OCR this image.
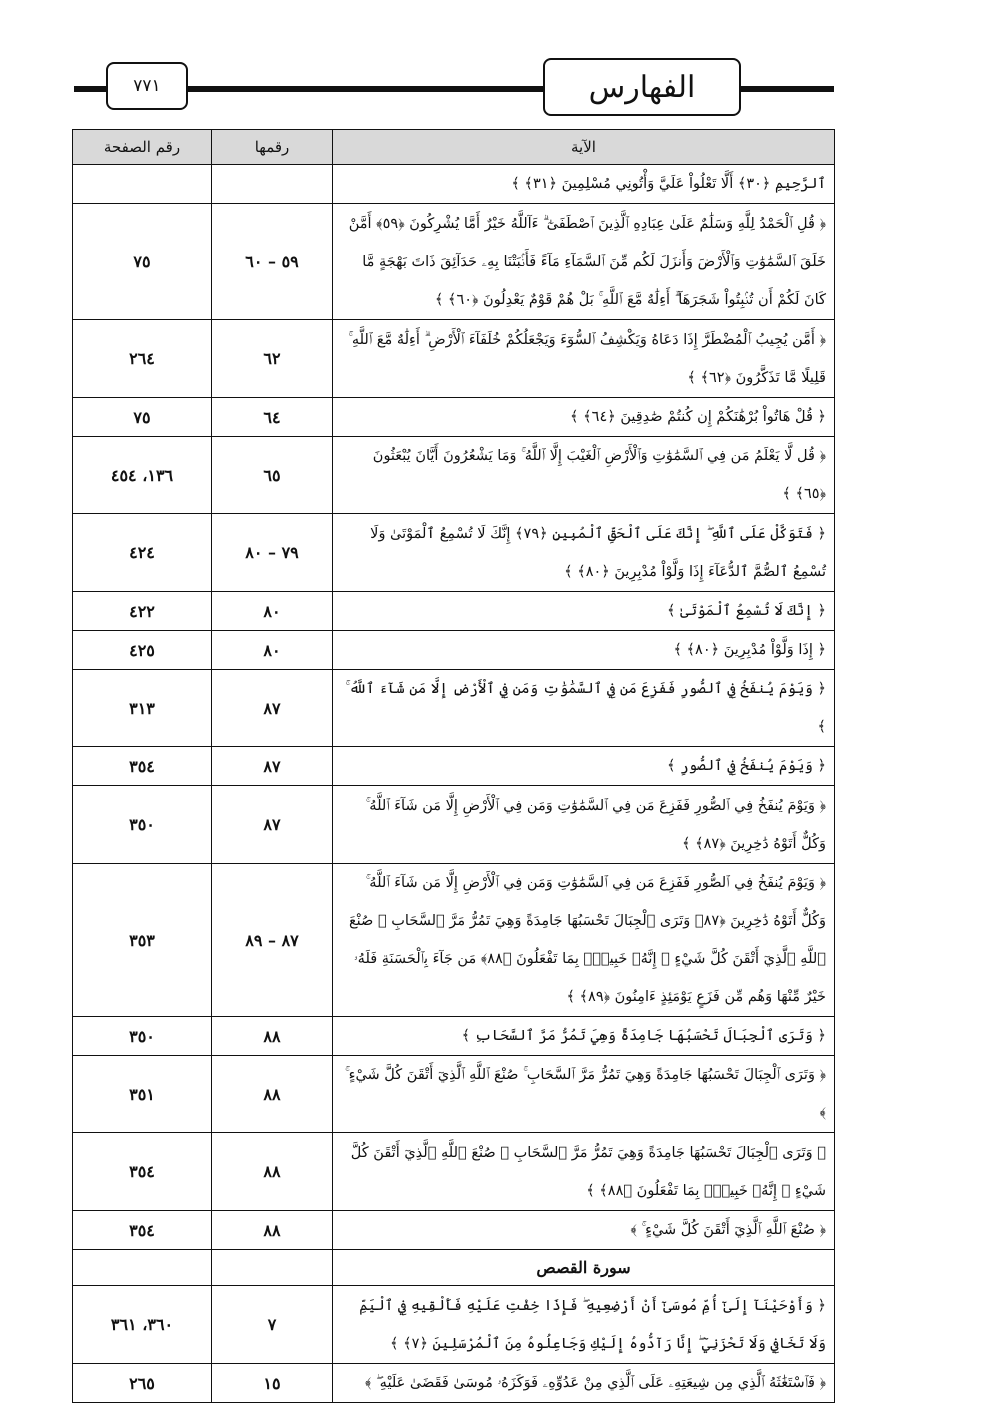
٧٧١	الفهارس
الآية	رقمها	رقم الصفحة
ٱلرَّحِيمِ ﴿٣٠﴾ أَلَّا تَعْلُواْ عَلَيَّ وَأْتُونِي مُسْلِمِينَ ﴿٣١﴾ ﴾		
﴿ قُلِ ٱلْحَمْدُ لِلَّهِ وَسَلَٰمٌ عَلَىٰ عِبَادِهِ ٱلَّذِينَ ٱصْطَفَىٰٓ ۗ ءَآللَّهُ خَيْرٌ أَمَّا يُشْرِكُونَ ﴿٥٩﴾ أَمَّنْ خَلَقَ ٱلسَّمَٰوَٰتِ وَٱلْأَرْضَ وَأَنزَلَ لَكُم مِّنَ ٱلسَّمَآءِ مَآءً فَأَنۢبَتْنَا بِهِۦ حَدَآئِقَ ذَاتَ بَهْجَةٍ مَّا كَانَ لَكُمْ أَن تُنۢبِتُواْ شَجَرَهَآ ۗ أَءِلَٰهٌ مَّعَ ٱللَّهِ ۚ بَلْ هُمْ قَوْمٌ يَعْدِلُونَ ﴿٦٠﴾ ﴾	٥٩ – ٦٠	٧٥
﴿ أَمَّن يُجِيبُ ٱلْمُضْطَرَّ إِذَا دَعَاهُ وَيَكْشِفُ ٱلسُّوٓءَ وَيَجْعَلُكُمْ خُلَفَآءَ ٱلْأَرْضِ ۗ أَءِلَٰهٌ مَّعَ ٱللَّهِ ۚ قَلِيلًا مَّا تَذَكَّرُونَ ﴿٦٢﴾ ﴾	٦٢	٢٦٤
﴿ قُلْ هَاتُواْ بُرْهَٰنَكُمْ إِن كُنتُمْ صَٰدِقِينَ ﴿٦٤﴾ ﴾	٦٤	٧٥
﴿ قُل لَّا يَعْلَمُ مَن فِي ٱلسَّمَٰوَٰتِ وَٱلْأَرْضِ ٱلْغَيْبَ إِلَّا ٱللَّهُ ۚ وَمَا يَشْعُرُونَ أَيَّانَ يُبْعَثُونَ ﴿٦٥﴾ ﴾	٦٥	١٣٦، ٤٥٤
﴿ فَتَوَكَّلْ عَلَى ٱللَّهِ ۖ إِنَّكَ عَلَى ٱلْحَقِّ ٱلْمُبِينِ ﴿٧٩﴾ إِنَّكَ لَا تُسْمِعُ ٱلْمَوْتَىٰ وَلَا تُسْمِعُ ٱلصُّمَّ ٱلدُّعَآءَ إِذَا وَلَّوْاْ مُدْبِرِينَ ﴿٨٠﴾ ﴾	٧٩ – ٨٠	٤٢٤
﴿ إِنَّكَ لَا تُسْمِعُ ٱلْمَوْتَىٰ ﴾	٨٠	٤٢٢
﴿ إِذَا وَلَّوْاْ مُدْبِرِينَ ﴿٨٠﴾ ﴾	٨٠	٤٢٥
﴿ وَيَوْمَ يُنفَخُ فِي ٱلصُّورِ فَفَزِعَ مَن فِي ٱلسَّمَٰوَٰتِ وَمَن فِي ٱلْأَرْضِ إِلَّا مَن شَآءَ ٱللَّهُ ۚ ﴾	٨٧	٣١٣
﴿ وَيَوْمَ يُنفَخُ فِي ٱلصُّورِ ﴾	٨٧	٣٥٤
﴿ وَيَوْمَ يُنفَخُ فِي ٱلصُّورِ فَفَزِعَ مَن فِي ٱلسَّمَٰوَٰتِ وَمَن فِي ٱلْأَرْضِ إِلَّا مَن شَآءَ ٱللَّهُ ۚ وَكُلٌّ أَتَوْهُ دَٰخِرِينَ ﴿٨٧﴾ ﴾	٨٧	٣٥٠
﴿ وَيَوْمَ يُنفَخُ فِي ٱلصُّورِ فَفَزِعَ مَن فِي ٱلسَّمَٰوَٰتِ وَمَن فِي ٱلْأَرْضِ إِلَّا مَن شَآءَ ٱللَّهُ ۚ وَكُلٌّ أَتَوْهُ دَٰخِرِينَ ﴿٨٧﴾ وَتَرَى ٱلْجِبَالَ تَحْسَبُهَا جَامِدَةً وَهِيَ تَمُرُّ مَرَّ ٱلسَّحَابِ ۚ صُنْعَ ٱللَّهِ ٱلَّذِيٓ أَتْقَنَ كُلَّ شَيْءٍ ۚ إِنَّهُۥ خَبِيرٌۢ بِمَا تَفْعَلُونَ ﴿٨٨﴾ مَن جَآءَ بِٱلْحَسَنَةِ فَلَهُۥ خَيْرٌ مِّنْهَا وَهُم مِّن فَزَعٍ يَوْمَئِذٍ ءَامِنُونَ ﴿٨٩﴾ ﴾	٨٧ – ٨٩	٣٥٣
﴿ وَتَرَى ٱلْجِبَالَ تَحْسَبُهَا جَامِدَةً وَهِيَ تَمُرُّ مَرَّ ٱلسَّحَابِ ﴾	٨٨	٣٥٠
﴿ وَتَرَى ٱلْجِبَالَ تَحْسَبُهَا جَامِدَةً وَهِيَ تَمُرُّ مَرَّ ٱلسَّحَابِ ۚ صُنْعَ ٱللَّهِ ٱلَّذِيٓ أَتْقَنَ كُلَّ شَيْءٍ ۚ ﴾	٨٨	٣٥١
﴿ وَتَرَى ٱلْجِبَالَ تَحْسَبُهَا جَامِدَةً وَهِيَ تَمُرُّ مَرَّ ٱلسَّحَابِ ۚ صُنْعَ ٱللَّهِ ٱلَّذِيٓ أَتْقَنَ كُلَّ شَيْءٍ ۚ إِنَّهُۥ خَبِيرٌۢ بِمَا تَفْعَلُونَ ﴿٨٨﴾ ﴾	٨٨	٣٥٤
﴿ صُنْعَ ٱللَّهِ ٱلَّذِيٓ أَتْقَنَ كُلَّ شَيْءٍ ۚ ﴾	٨٨	٣٥٤
سورة القصص		
﴿ وَأَوْحَيْنَآ إِلَىٰٓ أُمِّ مُوسَىٰٓ أَنْ أَرْضِعِيهِ ۖ فَإِذَا خِفْتِ عَلَيْهِ فَأَلْقِيهِ فِي ٱلْيَمِّ وَلَا تَخَافِي وَلَا تَحْزَنِيٓ ۖ إِنَّا رَآدُّوهُ إِلَيْكِ وَجَاعِلُوهُ مِنَ ٱلْمُرْسَلِينَ ﴿٧﴾ ﴾	٧	٣٦٠، ٣٦١
﴿ فَٱسْتَغَٰثَهُ ٱلَّذِي مِن شِيعَتِهِۦ عَلَى ٱلَّذِي مِنْ عَدُوِّهِۦ فَوَكَزَهُۥ مُوسَىٰ فَقَضَىٰ عَلَيْهِ ۖ ﴾	١٥	٢٦٥
